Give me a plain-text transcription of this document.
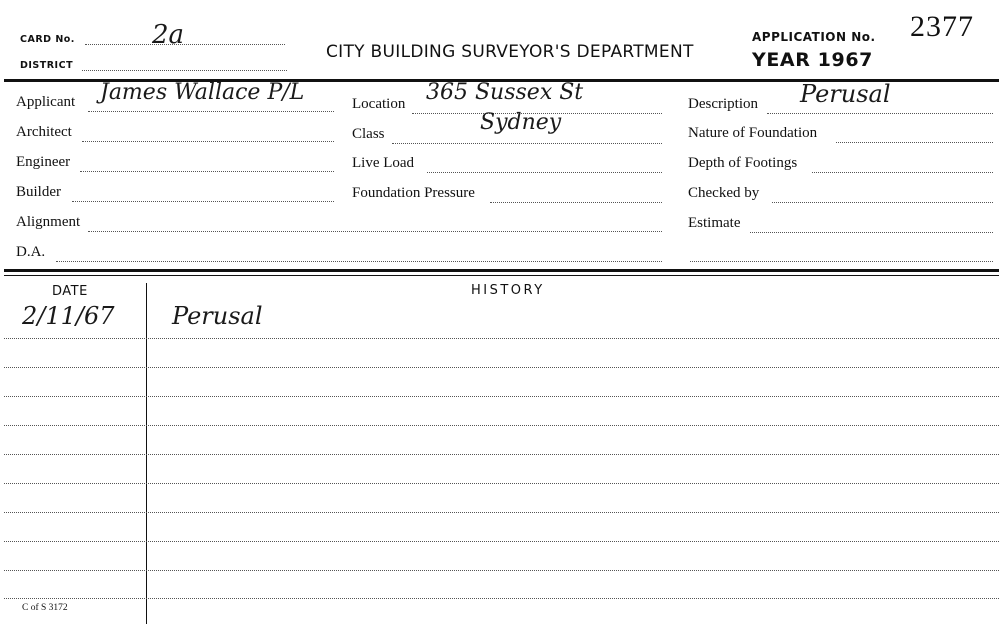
CARD No.	2a
DISTRICT
CITY BUILDING SURVEYOR'S DEPARTMENT
APPLICATION No. 2377
YEAR 1967
Applicant James Wallace P/L
Architect
Engineer
Builder
Alignment
D.A.
Location 365 Sussex St
Sydney
Class
Live Load
Foundation Pressure
Description Perusal
Nature of Foundation
Depth of Footings
Checked by
Estimate
DATE	HISTORY
2/11/67 Perusal
C of S 3172
